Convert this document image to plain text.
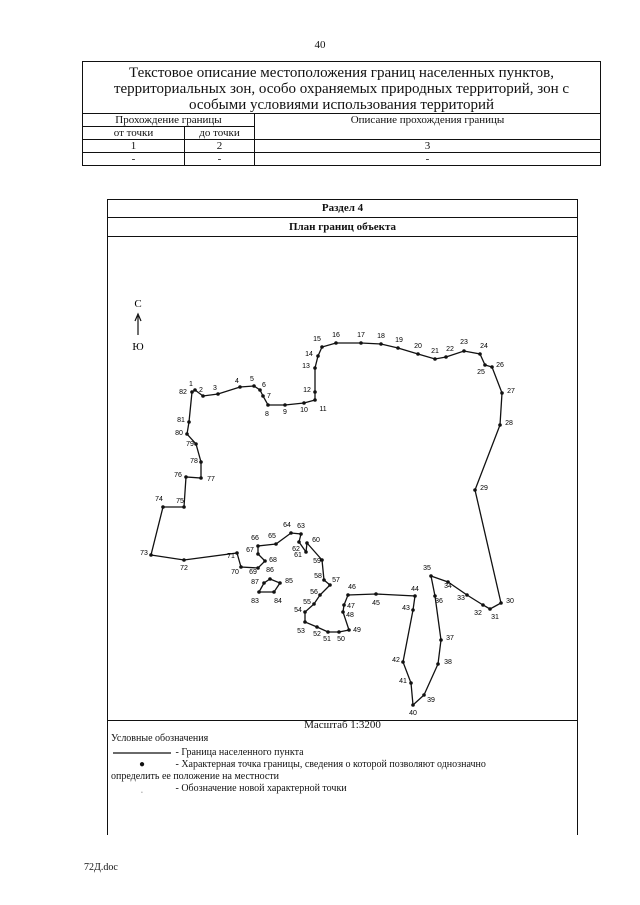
40
Текстовое описание местоположения границ населенных пунктов, территориальных зон, особо охраняемых природных территорий, зон с особыми условиями использования территорий		
Прохождение границы		Описание прохождения границы
от точки	до точки	
1	2	3
-	-	-
Раздел 4
План границ объекта
С
Ю
1
2 3
4 5
6
7
8 9 10 11
12
13
14
15
16 17 18
19
20
21 22
23
24
25
26
27
28
29
30
31
32
33
34
35
36
37
38
39
40
41
42
43
44
45
46
47
48
49
50
51
52
53
54
55
56
57
58
59
60
61
62
63
64
65
66
67
68
69
70
71
72
73
74 75
76
77
78
79
80
81
82
83 84
85
86
87
Масштаб 1:3200
Условные обозначения
- Граница населенного пункта
●	- Характерная точка границы, сведения о которой позволяют однозначно
определить ее положение на местности
ˌ	- Обозначение новой характерной точки
72Д.doc
